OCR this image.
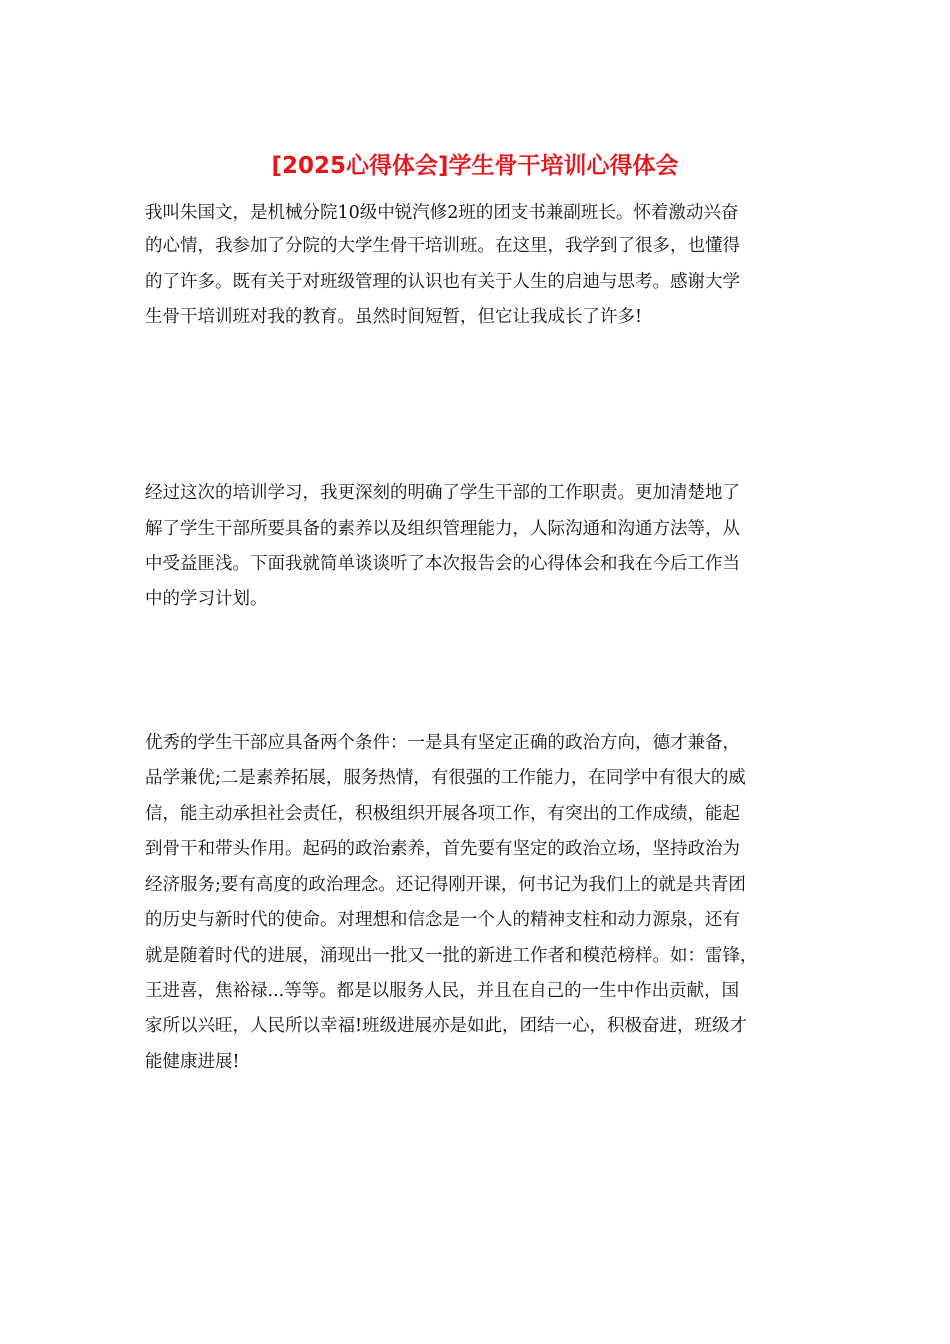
[2025心得体会]学生骨干培训心得体会

我叫朱国文，是机械分院10级中锐汽修2班的团支书兼副班长。怀着激动兴奋

的心情，我参加了分院的大学生骨干培训班。在这里，我学到了很多，也懂得

的了许多。既有关于对班级管理的认识也有关于人生的启迪与思考。感谢大学

生骨干培训班对我的教育。虽然时间短暂，但它让我成长了许多!

经过这次的培训学习，我更深刻的明确了学生干部的工作职责。更加清楚地了

解了学生干部所要具备的素养以及组织管理能力，人际沟通和沟通方法等，从

中受益匪浅。下面我就简单谈谈听了本次报告会的心得体会和我在今后工作当

中的学习计划。

优秀的学生干部应具备两个条件：一是具有坚定正确的政治方向，德才兼备，

品学兼优;二是素养拓展，服务热情，有很强的工作能力，在同学中有很大的威

信，能主动承担社会责任，积极组织开展各项工作，有突出的工作成绩，能起

到骨干和带头作用。起码的政治素养，首先要有坚定的政治立场，坚持政治为

经济服务;要有高度的政治理念。还记得刚开课，何书记为我们上的就是共青团

的历史与新时代的使命。对理想和信念是一个人的精神支柱和动力源泉，还有

就是随着时代的进展，涌现出一批又一批的新进工作者和模范榜样。如：雷锋，

王进喜，焦裕禄...等等。都是以服务人民，并且在自己的一生中作出贡献，国

家所以兴旺，人民所以幸福!班级进展亦是如此，团结一心，积极奋进，班级才

能健康进展!
